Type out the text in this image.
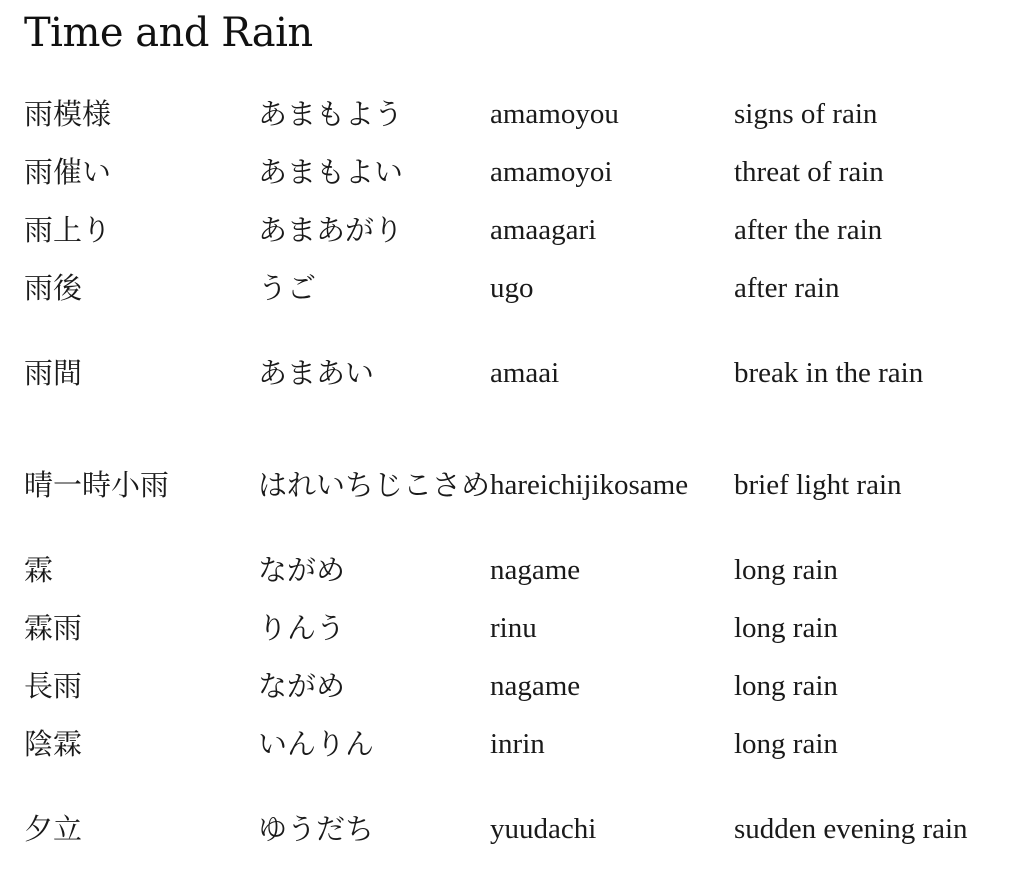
Time and Rain
雨模様	あまもよう	amamoyou	signs of rain
雨催い	あまもよい	amamoyoi	threat of rain
雨上り	あまあがり	amaagari	after the rain
雨後	うご	ugo	after rain
雨間	あまあい	amaai	break in the rain
晴一時小雨	はれいちじこさめ	hareichijikosame	brief light rain
霖	ながめ	nagame	long rain
霖雨	りんう	rinu	long rain
長雨	ながめ	nagame	long rain
陰霖	いんりん	inrin	long rain
夕立	ゆうだち	yuudachi	sudden evening rain
